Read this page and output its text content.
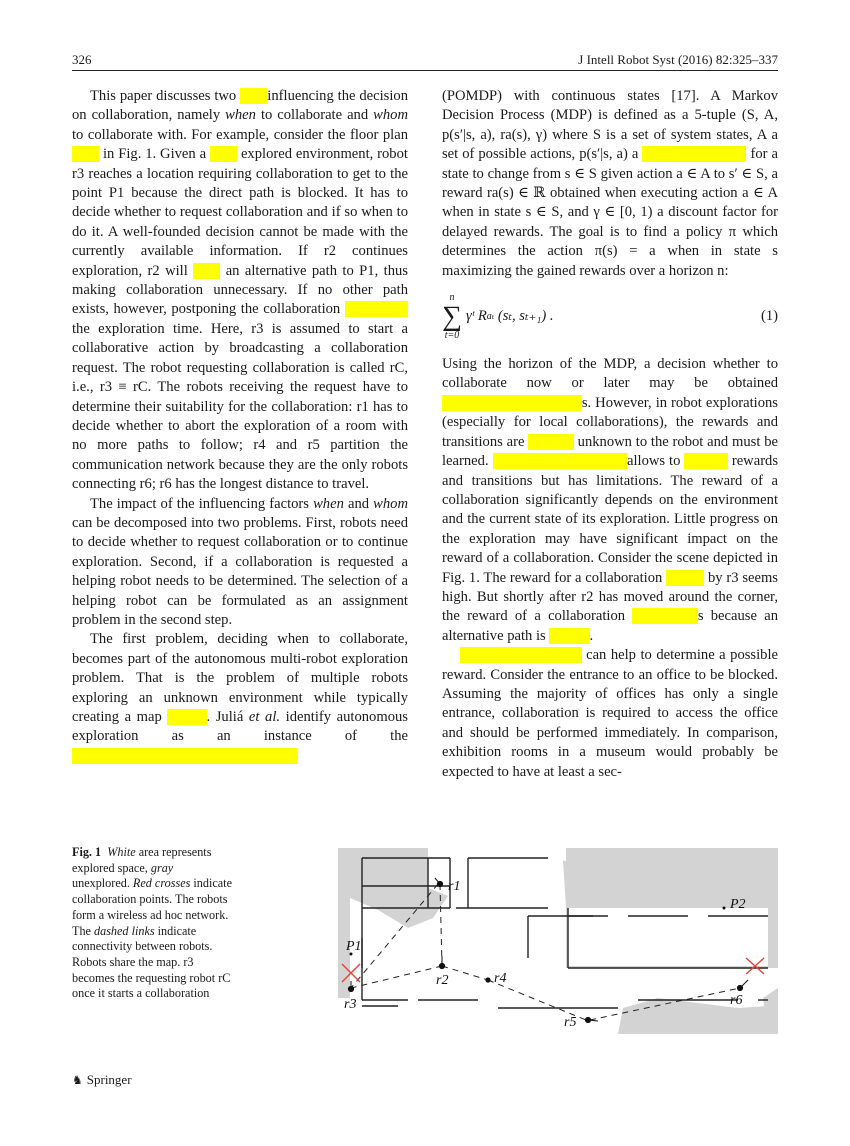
326	J Intell Robot Syst (2016) 82:325–337

This paper discusses two influencing the decision on collaboration, namely when to collaborate and whom to collaborate with. For example, consider the floor plan         in Fig. 1. Given a explored environment, robot r3 reaches a location requiring collaboration to get to the point P1 because the direct path is blocked. It has to decide whether to request collaboration and if so when to do it. A well-founded decision cannot be made with the currently available information. If r2 continues exploration, r2 will	an alternative path to P1, thus making collaboration unnecessary. If no other path exists, however, postponing the collaboration                the exploration time. Here, r3 is assumed to start a collaborative action by broadcasting a collaboration request. The robot requesting collaboration is called rC, i.e., r3 ≡ rC. The robots receiving the request have to determine their suitability for the collaboration: r1 has to decide whether to abort the exploration of a room with no more paths to follow; r4 and r5 partition the communication network because they are the only robots connecting r6; r6 has the longest distance to travel.

The impact of the influencing factors when and whom can be decomposed into two problems. First, robots need to decide whether to request collaboration or to continue exploration. Second, if a collaboration is requested a helping robot needs to be determined. The selection of a helping robot can be formulated as an assignment problem in the second step.

The first problem, deciding when to collaborate, becomes part of the autonomous multi-robot exploration problem. That is the problem of multiple robots exploring an unknown environment while typically creating a map	. Juliá et al. identify autonomous exploration as an instance of the

(POMDP) with continuous states [17]. A Markov Decision Process (MDP) is defined as a 5-tuple (S, A, p(s′|s, a), ra(s), γ) where S is a set of system states, A a set of possible actions, p(s′|s, a) a	for a state to change from s ∈ S given action a ∈ A to s′ ∈ S, a reward ra(s) ∈ ℝ obtained when executing action a ∈ A when in state s ∈ S, and γ ∈ [0, 1) a discount factor for delayed rewards. The goal is to find a policy π which determines the action π(s) = a when in state s maximizing the gained rewards over a horizon n:

n
∑
t=0
γᵗ R aₜ
(sₜ, sₜ₊₁) .	(1)

Using the horizon of the MDP, a decision whether to collaborate now or later may be obtained                                    s. However, in robot explorations (especially for local collaborations), the rewards and transitions are	unknown to the robot and must be learned.	allows to	rewards and transitions but has limitations. The reward of a collaboration significantly depends on the environment and the current state of its exploration. Little progress on the exploration may have significant impact on the reward of a collaboration. Consider the scene depicted in Fig. 1. The reward for a collaboration	by r3 seems high. But shortly after r2 has moved around the corner, the reward of a collaboration	s because an alternative path is	.

can help to determine a possible reward. Consider the entrance to an office to be blocked. Assuming the majority of offices has only a single entrance, collaboration is required to access the office and should be performed immediately. In comparison, exhibition rooms in a museum would probably be expected to have at least a sec-

Fig. 1 White area represents explored space, gray unexplored. Red crosses indicate collaboration points. The robots form a wireless ad hoc network. The dashed links indicate connectivity between robots. Robots share the map. r3 becomes the requesting robot rC once it starts a collaboration
r1
r2
r3
r4
r5
r6
P1
P2
♞ Springer
